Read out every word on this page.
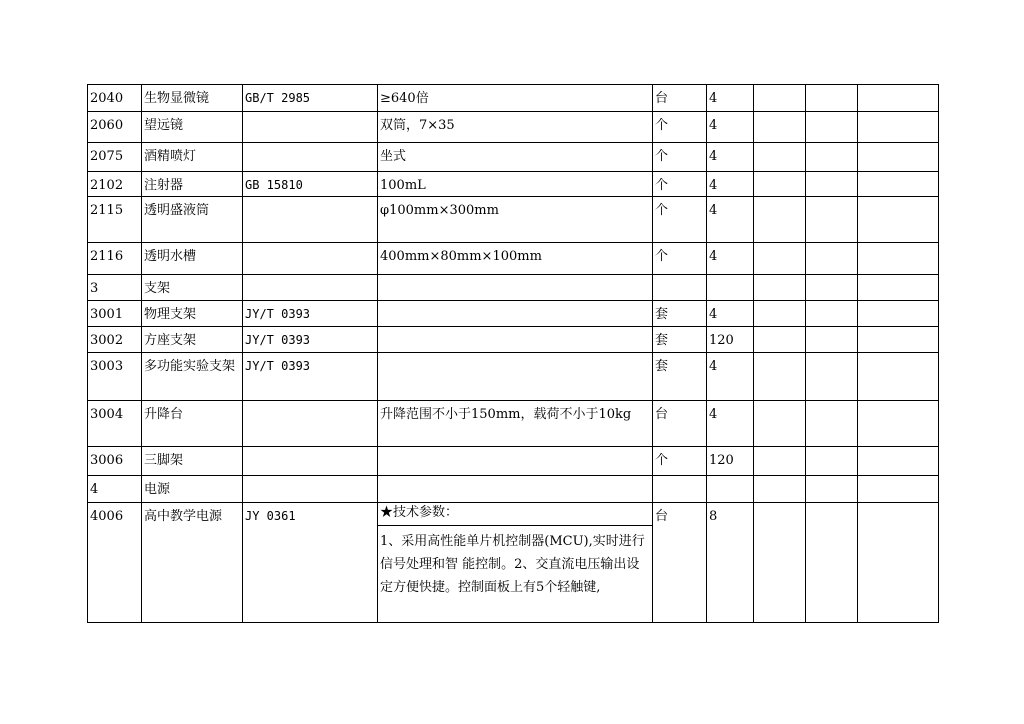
2040	生物显微镜	GB/T 2985	≥640倍	台	4			
2060	望远镜		双筒，7×35	个	4			
2075	酒精喷灯		坐式	个	4			
2102	注射器	GB 15810	100mL	个	4			
2115	透明盛液筒		φ100mm×300mm	个	4			
2116	透明水槽		400mm×80mm×100mm	个	4			
3	支架							
3001	物理支架	JY/T 0393		套	4			
3002	方座支架	JY/T 0393		套	120			
3003	多功能实验支架	JY/T 0393		套	4			
3004	升降台		升降范围不小于150mm，载荷不小于10kg	台	4			
3006	三脚架			个	120			
4	电源							
4006	高中教学电源	JY 0361	★技术参数：
1、采用高性能单片机控制器(MCU),实时进行信号处理和智 能控制。2、交直流电压输出设定方便快捷。控制面板上有5个轻触键,	台	8			
